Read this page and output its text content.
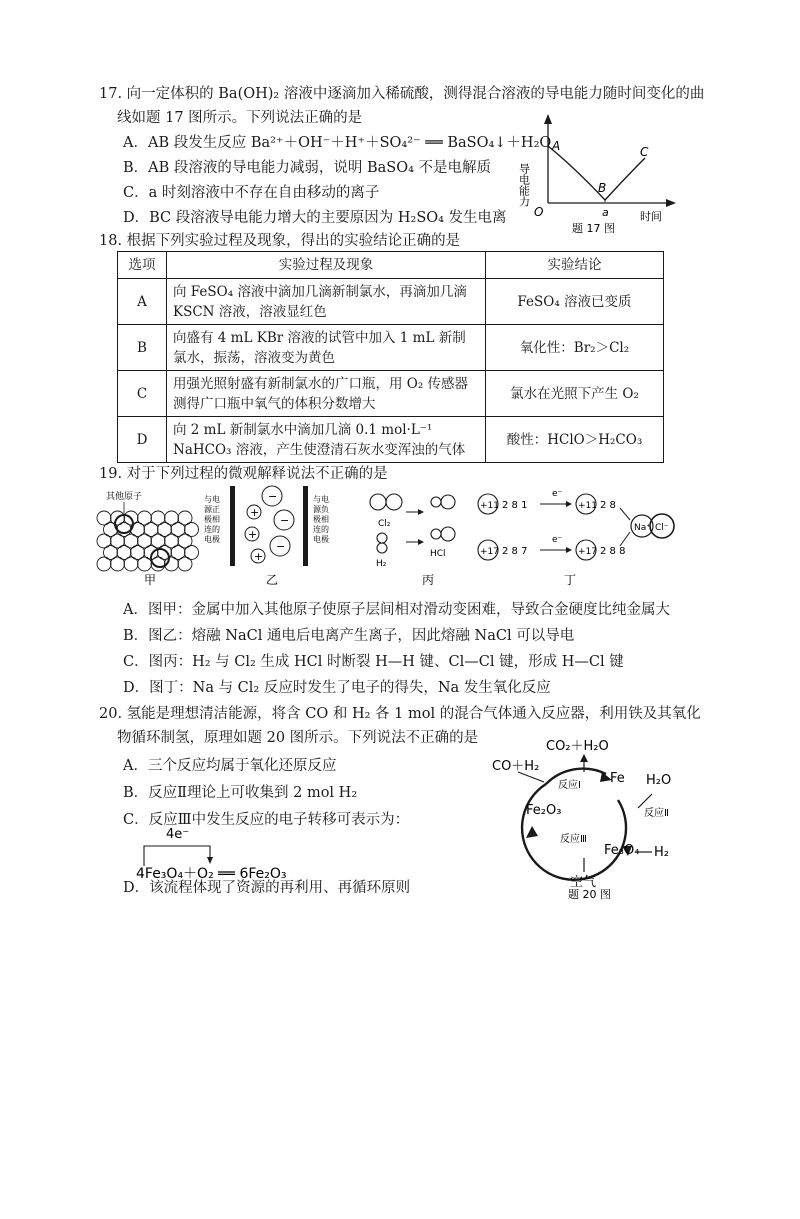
17. 向一定体积的 Ba(OH)₂ 溶液中逐滴加入稀硫酸，测得混合溶液的导电能力随时间变化的曲
线如题 17 图所示。下列说法正确的是
A．AB 段发生反应 Ba²⁺＋OH⁻＋H⁺＋SO₄²⁻ ══ BaSO₄↓＋H₂O
B．AB 段溶液的导电能力减弱，说明 BaSO₄ 不是电解质
C．a 时刻溶液中不存在自由移动的离子
D．BC 段溶液导电能力增大的主要原因为 H₂SO₄ 发生电离
导电能力
A
B
C
O	a	时间
题 17 图
18. 根据下列实验过程及现象，得出的实验结论正确的是
选项	实验过程及现象	实验结论
A	向 FeSO₄ 溶液中滴加几滴新制氯水，再滴加几滴 KSCN 溶液，溶液显红色	FeSO₄ 溶液已变质
B	向盛有 4 mL KBr 溶液的试管中加入 1 mL 新制氯水，振荡，溶液变为黄色	氧化性：Br₂＞Cl₂
C	用强光照射盛有新制氯水的广口瓶，用 O₂ 传感器测得广口瓶中氧气的体积分数增大	氯水在光照下产生 O₂
D	向 2 mL 新制氯水中滴加几滴 0.1 mol·L⁻¹ NaHCO₃ 溶液，产生使澄清石灰水变浑浊的气体	酸性：HClO＞H₂CO₃
19. 对于下列过程的微观解释说法不正确的是
其他原子
甲
与电
源正
极相
连的
电极
−
+
−
+
−
+
与电
源负
极相
连的
电极
乙
Cl₂
H₂
HCl
丙
+11 2 8 1
e⁻
+11 2 8
+17 2 8 7
e⁻
+17 2 8 8
Na⁺ Cl⁻
丁
A．图甲：金属中加入其他原子使原子层间相对滑动变困难，导致合金硬度比纯金属大
B．图乙：熔融 NaCl 通电后电离产生离子，因此熔融 NaCl 可以导电
C．图丙：H₂ 与 Cl₂ 生成 HCl 时断裂 H—H 键、Cl—Cl 键，形成 H—Cl 键
D．图丁：Na 与 Cl₂ 反应时发生了电子的得失，Na 发生氧化反应
20. 氢能是理想清洁能源，将含 CO 和 H₂ 各 1 mol 的混合气体通入反应器，利用铁及其氧化
物循环制氢，原理如题 20 图所示。下列说法不正确的是
A．三个反应均属于氧化还原反应
B．反应Ⅱ理论上可收集到 2 mol H₂
C．反应Ⅲ中发生反应的电子转移可表示为：
4e⁻
4Fe₃O₄＋O₂ ══ 6Fe₂O₃
D．该流程体现了资源的再利用、再循环原则
CO₂＋H₂O
CO＋H₂
Fe H₂O
Fe₂O₃
Fe₃O₄ H₂
空气
反应Ⅰ
反应Ⅱ
反应Ⅲ
题 20 图
